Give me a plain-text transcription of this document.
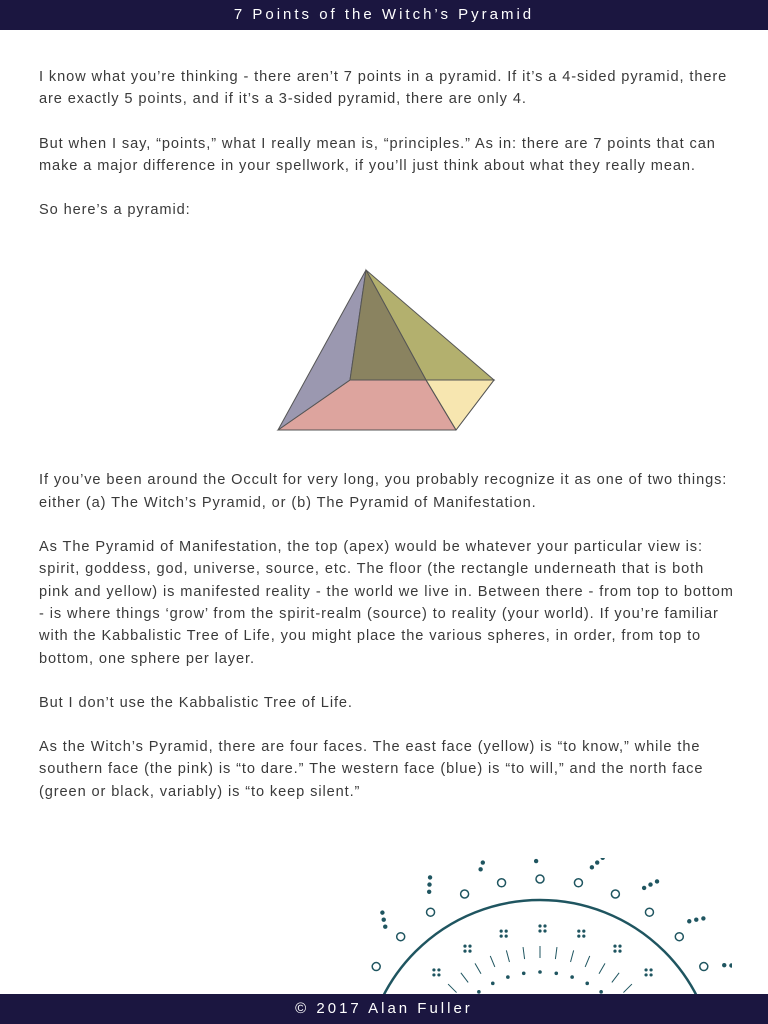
7 Points of the Witch’s Pyramid

I know what you’re thinking - there aren’t 7 points in a pyramid. If it’s a 4-sided pyramid, there are exactly 5 points, and if it’s a 3-sided pyramid, there are only 4.

But when I say, “points,” what I really mean is, “principles.” As in: there are 7 points that can make a major difference in your spellwork, if you’ll just think about what they really mean.

So here’s a pyramid:

If you’ve been around the Occult for very long, you probably recognize it as one of two things: either (a) The Witch’s Pyramid, or (b) The Pyramid of Manifestation.

As The Pyramid of Manifestation, the top (apex) would be whatever your particular view is: spirit, goddess, god, universe, source, etc. The floor (the rectangle underneath that is both pink and yellow) is manifested reality - the world we live in. Between there - from top to bottom - is where things ‘grow’ from the spirit-realm (source) to reality (your world). If you’re familiar with the Kabbalistic Tree of Life, you might place the various spheres, in order, from top to bottom, one sphere per layer.

But I don’t use the Kabbalistic Tree of Life.

As the Witch’s Pyramid, there are four faces. The east face (yellow) is “to know,” while the southern face (the pink) is “to dare.” The western face (blue) is “to will,” and the north face (green or black, variably) is “to keep silent.”

© 2017 Alan Fuller
